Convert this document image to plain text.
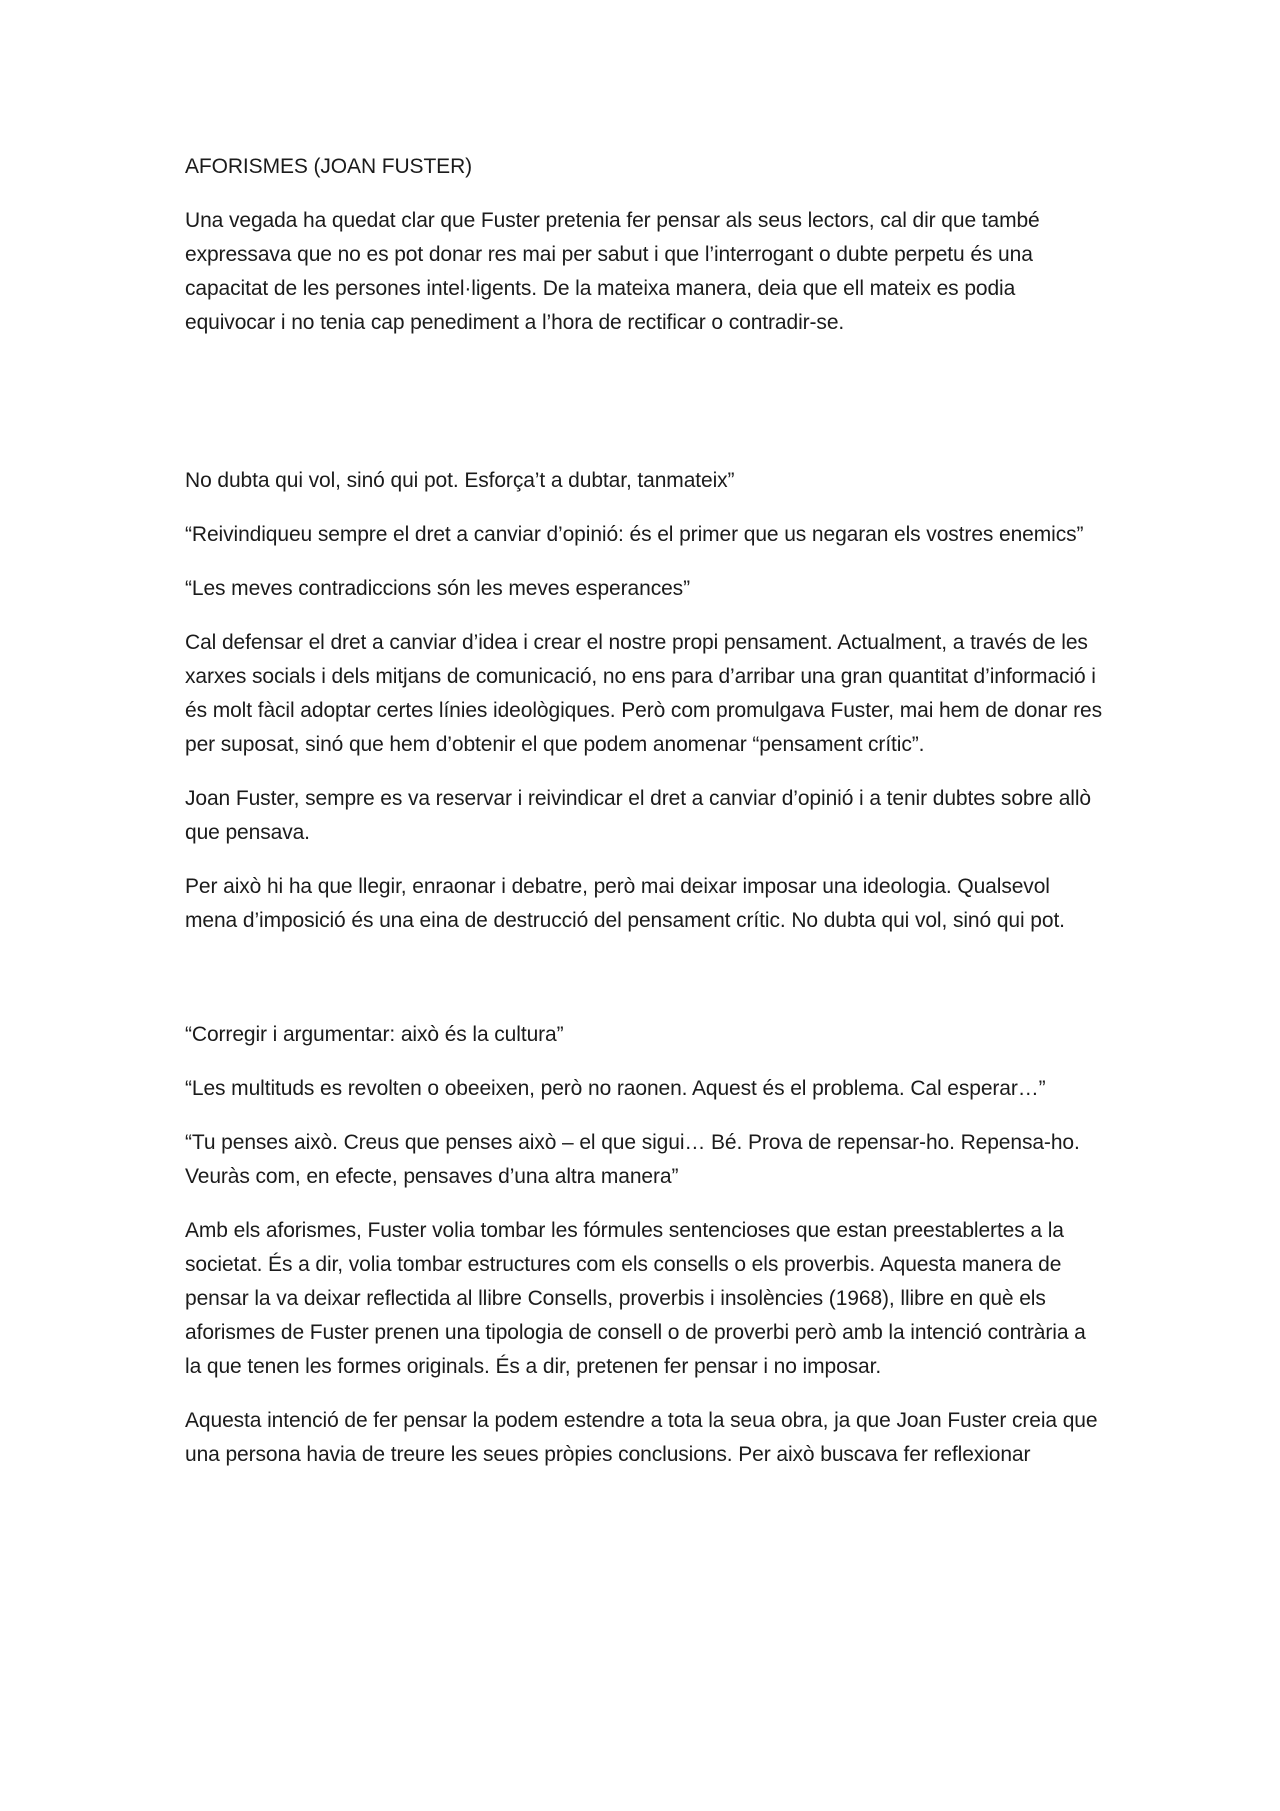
AFORISMES (JOAN FUSTER)

Una vegada ha quedat clar que Fuster pretenia fer pensar als seus lectors, cal dir que també expressava que no es pot donar res mai per sabut i que l’interrogant o dubte perpetu és una capacitat de les persones intel·ligents. De la mateixa manera, deia que ell mateix es podia equivocar i no tenia cap penediment a l’hora de rectificar o contradir-se.

No dubta qui vol, sinó qui pot. Esforça’t a dubtar, tanmateix”

“Reivindiqueu sempre el dret a canviar d’opinió: és el primer que us negaran els vostres enemics”

“Les meves contradiccions són les meves esperances”

Cal defensar el dret a canviar d’idea i crear el nostre propi pensament. Actualment, a través de les xarxes socials i dels mitjans de comunicació, no ens para d’arribar una gran quantitat d’informació i és molt fàcil adoptar certes línies ideològiques. Però com promulgava Fuster, mai hem de donar res per suposat, sinó que hem d’obtenir el que podem anomenar “pensament crític”.

Joan Fuster, sempre es va reservar i reivindicar el dret a canviar d’opinió i a tenir dubtes sobre allò que pensava.

Per això hi ha que llegir, enraonar i debatre, però mai deixar imposar una ideologia. Qualsevol mena d’imposició és una eina de destrucció del pensament crític. No dubta qui vol, sinó qui pot.

“Corregir i argumentar: això és la cultura”

“Les multituds es revolten o obeeixen, però no raonen. Aquest és el problema. Cal esperar…”

“Tu penses això. Creus que penses això – el que sigui… Bé. Prova de repensar-ho. Repensa-ho. Veuràs com, en efecte, pensaves d’una altra manera”

Amb els aforismes, Fuster volia tombar les fórmules sentencioses que estan preestablertes a la societat. És a dir, volia tombar estructures com els consells o els proverbis. Aquesta manera de pensar la va deixar reflectida al llibre Consells, proverbis i insolències (1968), llibre en què els aforismes de Fuster prenen una tipologia de consell o de proverbi però amb la intenció contrària a la que tenen les formes originals. És a dir, pretenen fer pensar i no imposar.

Aquesta intenció de fer pensar la podem estendre a tota la seua obra, ja que Joan Fuster creia que una persona havia de treure les seues pròpies conclusions. Per això buscava fer reflexionar
